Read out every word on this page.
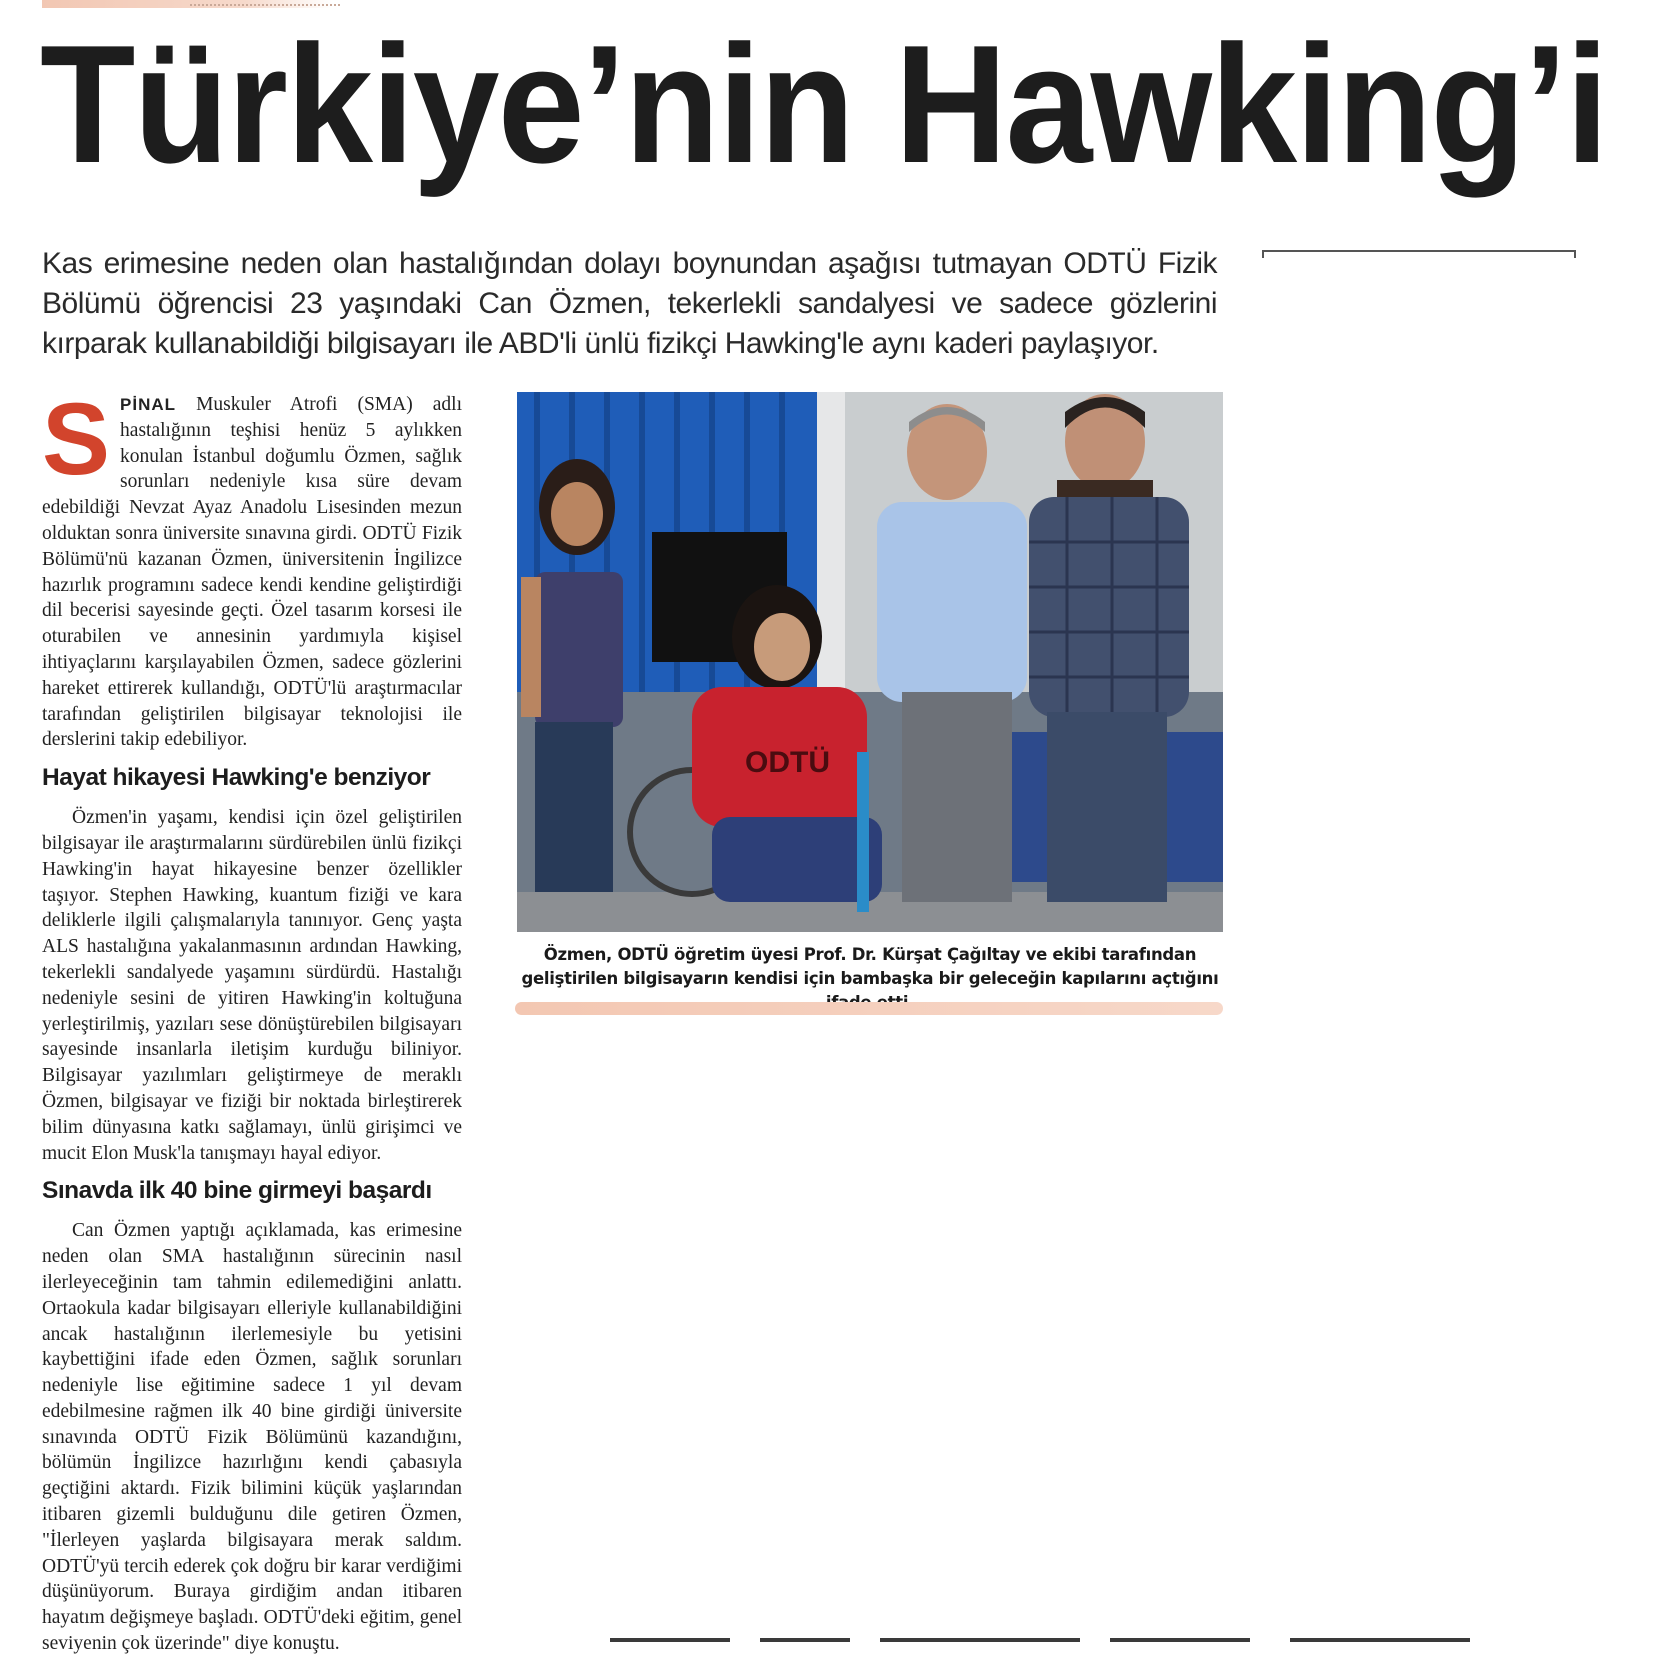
Türkiye’nin Hawking’i

Kas erimesine neden olan hastalığından dolayı boynundan aşağısı tutmayan ODTÜ Fizik Bölümü öğrencisi 23 yaşındaki Can Özmen, tekerlekli sandalyesi ve sadece gözlerini kırparak kullanabildiği bilgisayarı ile ABD'li ünlü fizikçi Hawking'le aynı kaderi paylaşıyor.

SPİNAL Muskuler Atrofi (SMA) adlı hastalığının teşhisi henüz 5 aylıkken konulan İstanbul doğumlu Özmen, sağlık sorunları nedeniyle kısa süre devam edebildiği Nevzat Ayaz Anadolu Lisesinden mezun olduktan sonra üniversite sınavına girdi. ODTÜ Fizik Bölümü'nü kazanan Özmen, üniversitenin İngilizce hazırlık programını sadece kendi kendine geliştirdiği dil becerisi sayesinde geçti. Özel tasarım korsesi ile oturabilen ve annesinin yardımıyla kişisel ihtiyaçlarını karşılayabilen Özmen, sadece gözlerini hareket ettirerek kullandığı, ODTÜ'lü araştırmacılar tarafından geliştirilen bilgisayar teknolojisi ile derslerini takip edebiliyor.

Hayat hikayesi Hawking'e benziyor

Özmen'in yaşamı, kendisi için özel geliştirilen bilgisayar ile araştırmalarını sürdürebilen ünlü fizikçi Hawking'in hayat hikayesine benzer özellikler taşıyor. Stephen Hawking, kuantum fiziği ve kara deliklerle ilgili çalışmalarıyla tanınıyor. Genç yaşta ALS hastalığına yakalanmasının ardından Hawking, tekerlekli sandalyede yaşamını sürdürdü. Hastalığı nedeniyle sesini de yitiren Hawking'in koltuğuna yerleştirilmiş, yazıları sese dönüştürebilen bilgisayarı sayesinde insanlarla iletişim kurduğu biliniyor. Bilgisayar yazılımları geliştirmeye de meraklı Özmen, bilgisayar ve fiziği bir noktada birleştirerek bilim dünyasına katkı sağlamayı, ünlü girişimci ve mucit Elon Musk'la tanışmayı hayal ediyor.

Sınavda ilk 40 bine girmeyi başardı

Can Özmen yaptığı açıklamada, kas erimesine neden olan SMA hastalığının sürecinin nasıl ilerleyeceğinin tam tahmin edilemediğini anlattı. Ortaokula kadar bilgisayarı elleriyle kullanabildiğini ancak hastalığının ilerlemesiyle bu yetisini kaybettiğini ifade eden Özmen, sağlık sorunları nedeniyle lise eğitimine sadece 1 yıl devam edebilmesine rağmen ilk 40 bine girdiği üniversite sınavında ODTÜ Fizik Bölümünü kazandığını, bölümün İngilizce hazırlığını kendi çabasıyla geçtiğini aktardı. Fizik bilimini küçük yaşlarından itibaren gizemli bulduğunu dile getiren Özmen, "İlerleyen yaşlarda bilgisayara merak saldım. ODTÜ'yü tercih ederek çok doğru bir karar verdiğimi düşünüyorum. Buraya girdiğim andan itibaren hayatım değişmeye başladı. ODTÜ'deki eğitim, genel seviyenin çok üzerinde" diye konuştu.

ODTÜ

Özmen, ODTÜ öğretim üyesi Prof. Dr. Kürşat Çağıltay ve ekibi tarafından geliştirilen bilgisayarın kendisi için bambaşka bir geleceğin kapılarını açtığını
